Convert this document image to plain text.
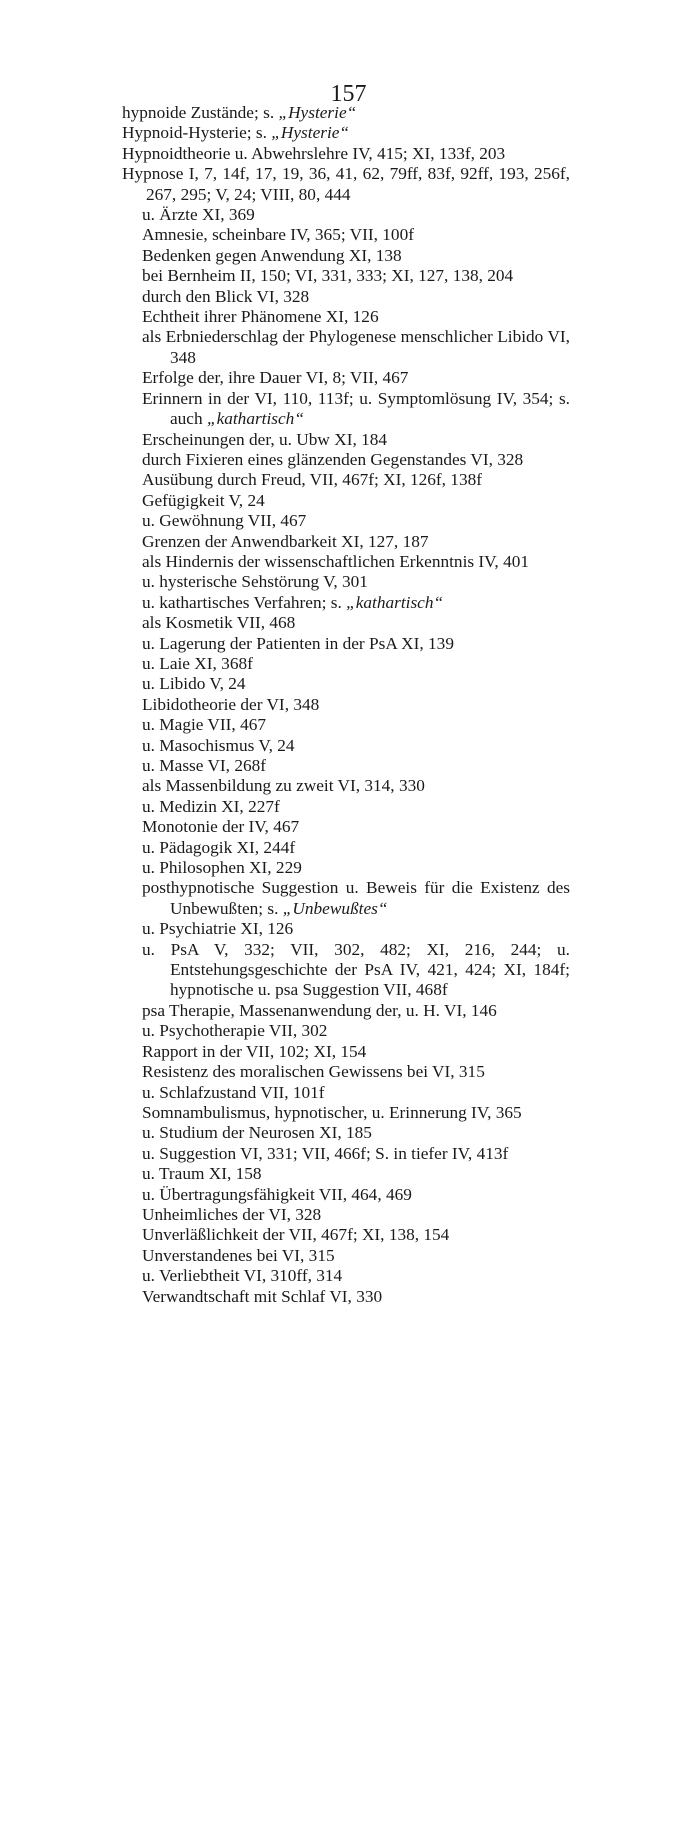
157

hypnoide Zustände; s. „Hysterie“

Hypnoid-Hysterie; s. „Hysterie“

Hypnoidtheorie u. Abwehrslehre IV, 415; XI, 133f, 203

Hypnose I, 7, 14f, 17, 19, 36, 41, 62, 79ff, 83f, 92ff, 193, 256f, 267, 295; V, 24; VIII, 80, 444

u. Ärzte XI, 369

Amnesie, scheinbare IV, 365; VII, 100f

Bedenken gegen Anwendung XI, 138

bei Bernheim II, 150; VI, 331, 333; XI, 127, 138, 204

durch den Blick VI, 328

Echtheit ihrer Phänomene XI, 126

als Erbniederschlag der Phylogenese menschlicher Libido VI, 348

Erfolge der, ihre Dauer VI, 8; VII, 467

Erinnern in der VI, 110, 113f; u. Symptomlösung IV, 354; s. auch „kathartisch“

Erscheinungen der, u. Ubw XI, 184

durch Fixieren eines glänzenden Gegenstandes VI, 328

Ausübung durch Freud, VII, 467f; XI, 126f, 138f

Gefügigkeit V, 24

u. Gewöhnung VII, 467

Grenzen der Anwendbarkeit XI, 127, 187

als Hindernis der wissenschaftlichen Erkenntnis IV, 401

u. hysterische Sehstörung V, 301

u. kathartisches Verfahren; s. „kathartisch“

als Kosmetik VII, 468

u. Lagerung der Patienten in der PsA XI, 139

u. Laie XI, 368f

u. Libido V, 24

Libidotheorie der VI, 348

u. Magie VII, 467

u. Masochismus V, 24

u. Masse VI, 268f

als Massenbildung zu zweit VI, 314, 330

u. Medizin XI, 227f

Monotonie der IV, 467

u. Pädagogik XI, 244f

u. Philosophen XI, 229

posthypnotische Suggestion u. Beweis für die Existenz des Unbewußten; s. „Unbewußtes“

u. Psychiatrie XI, 126

u. PsA V, 332; VII, 302, 482; XI, 216, 244; u. Entstehungsgeschichte der PsA IV, 421, 424; XI, 184f; hypnotische u. psa Suggestion VII, 468f

psa Therapie, Massenanwendung der, u. H. VI, 146

u. Psychotherapie VII, 302

Rapport in der VII, 102; XI, 154

Resistenz des moralischen Gewissens bei VI, 315

u. Schlafzustand VII, 101f

Somnambulismus, hypnotischer, u. Erinnerung IV, 365

u. Studium der Neurosen XI, 185

u. Suggestion VI, 331; VII, 466f; S. in tiefer IV, 413f

u. Traum XI, 158

u. Übertragungsfähigkeit VII, 464, 469

Unheimliches der VI, 328

Unverläßlichkeit der VII, 467f; XI, 138, 154

Unverstandenes bei VI, 315

u. Verliebtheit VI, 310ff, 314

Verwandtschaft mit Schlaf VI, 330
